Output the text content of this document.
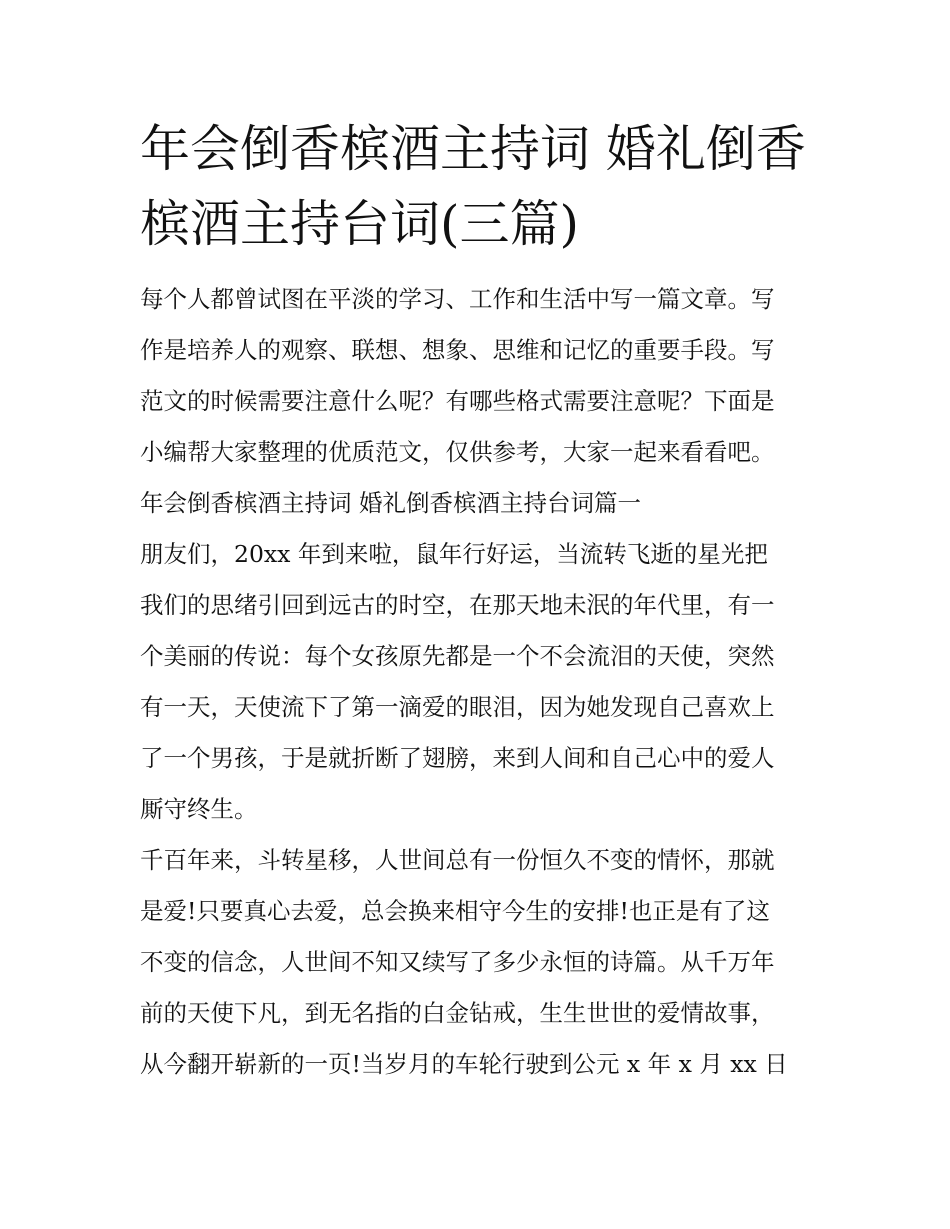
年会倒香槟酒主持词 婚礼倒香
槟酒主持台词(三篇)
每个人都曾试图在平淡的学习、工作和生活中写一篇文章。写
作是培养人的观察、联想、想象、思维和记忆的重要手段。写
范文的时候需要注意什么呢？有哪些格式需要注意呢？下面是
小编帮大家整理的优质范文，仅供参考，大家一起来看看吧。
年会倒香槟酒主持词 婚礼倒香槟酒主持台词篇一
朋友们，20xx 年到来啦，鼠年行好运，当流转飞逝的星光把
我们的思绪引回到远古的时空，在那天地未泯的年代里，有一
个美丽的传说：每个女孩原先都是一个不会流泪的天使，突然
有一天，天使流下了第一滴爱的眼泪，因为她发现自己喜欢上
了一个男孩，于是就折断了翅膀，来到人间和自己心中的爱人
厮守终生。
千百年来，斗转星移，人世间总有一份恒久不变的情怀，那就
是爱!只要真心去爱，总会换来相守今生的安排!也正是有了这
不变的信念，人世间不知又续写了多少永恒的诗篇。从千万年
前的天使下凡，到无名指的白金钻戒，生生世世的爱情故事，
从今翻开崭新的一页!当岁月的车轮行驶到公元 x 年 x 月 xx 日
